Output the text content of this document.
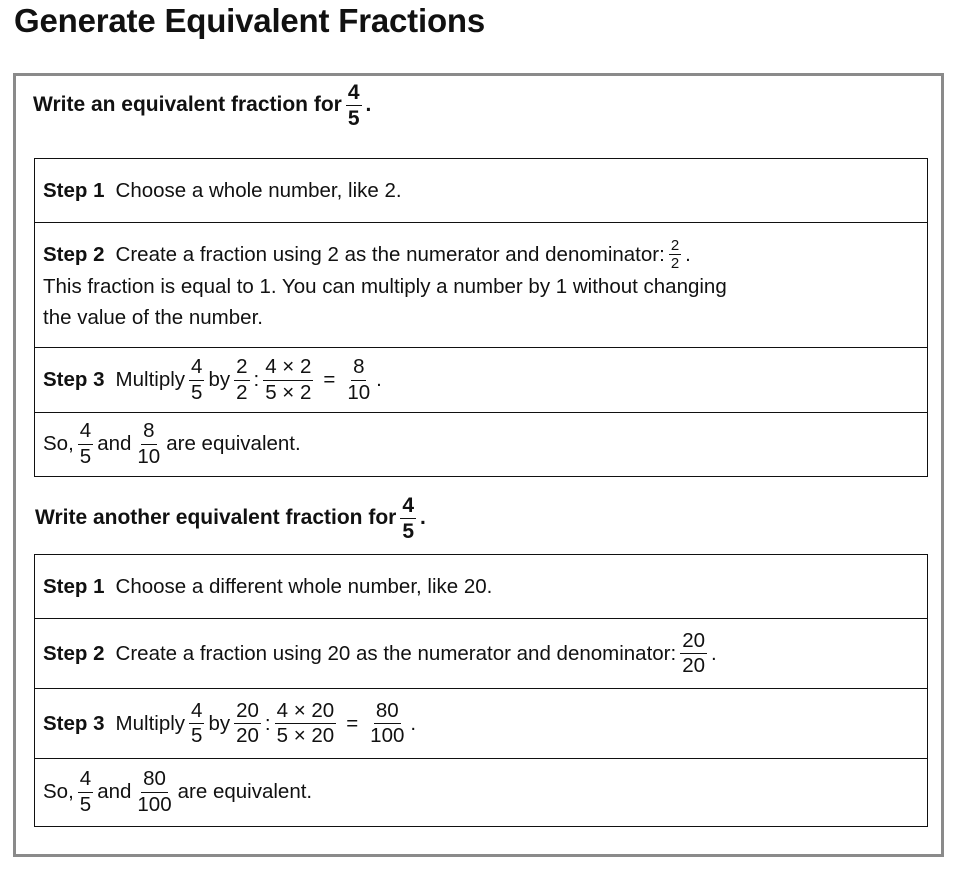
Generate Equivalent Fractions
Write an equivalent fraction for $\frac{4}{5}$ .
Step 1 Choose a whole number, like 2.
Step 2 Create a fraction using 2 as the numerator and denominator: $\frac{2}{2}$ .
This fraction is equal to 1. You can multiply a number by 1 without changing
the value of the number.
Step 3 Multiply $\frac{4}{5}$ by $\frac{2}{2}$ : $\frac{4 \times 2}{5 \times 2} = \frac{8}{10}$ .
So, $\frac{4}{5}$ and $\frac{8}{10}$ are equivalent.
Write another equivalent fraction for $\frac{4}{5}$ .
Step 1 Choose a different whole number, like 20.
Step 2 Create a fraction using 20 as the numerator and denominator: $\frac{20}{20}$ .
Step 3 Multiply $\frac{4}{5}$ by $\frac{20}{20}$ : $\frac{4 \times 20}{5 \times 20} = \frac{80}{100}$ .
So, $\frac{4}{5}$ and $\frac{80}{100}$ are equivalent.
